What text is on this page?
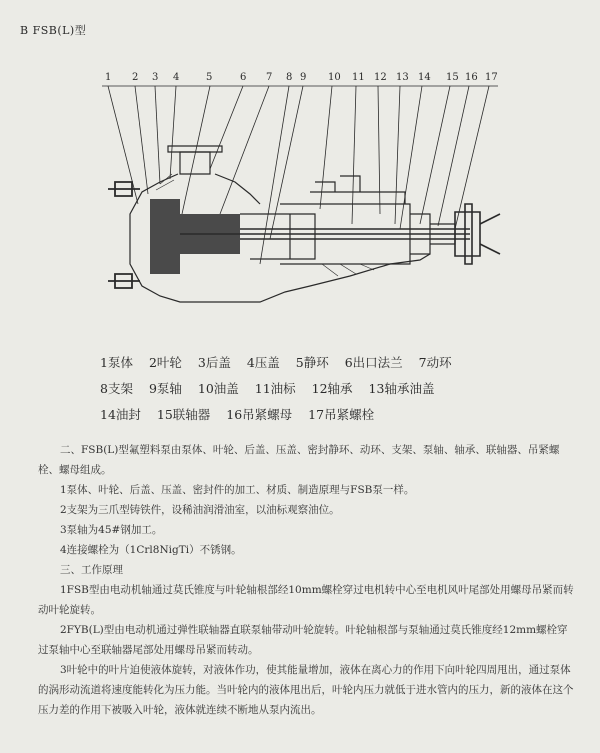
B FSB(L)型
1 2 3 4	5	6 7 8 9 10 11 12 13 14 15 16 17
1泵体 2叶轮 3后盖 4压盖 5静环 6出口法兰 7动环
8支架 9泵轴 10油盖 11油标 12轴承 13轴承油盖
14油封 15联轴器 16吊紧螺母 17吊紧螺栓

二、FSB(L)型氟塑料泵由泵体、叶轮、后盖、压盖、密封静环、动环、支架、泵轴、轴承、联轴器、吊紧螺栓、螺母组成。

1泵体、叶轮、后盖、压盖、密封件的加工、材质、制造原理与FSB泵一样。

2支架为三爪型铸铁件，设稀油润滑油室，以油标观察油位。

3泵轴为45#钢加工。

4连接螺栓为（1Crl8NigTi）不锈钢。

三、工作原理

1FSB型由电动机轴通过莫氏锥度与叶轮轴根部经10mm螺栓穿过电机转中心至电机风叶尾部处用螺母吊紧而转动叶轮旋转。

2FYB(L)型由电动机通过弹性联轴器直联泵轴带动叶轮旋转。叶轮轴根部与泵轴通过莫氏锥度经12mm螺栓穿过泵轴中心至联轴器尾部处用螺母吊紧而转动。

3叶轮中的叶片迫使液体旋转，对液体作功，使其能量增加，液体在离心力的作用下向叶轮四周甩出，通过泵体的涡形动流道将速度能转化为压力能。当叶轮内的液体甩出后，叶轮内压力就低于进水管内的压力，新的液体在这个压力差的作用下被吸入叶轮，液体就连续不断地从泵内流出。
